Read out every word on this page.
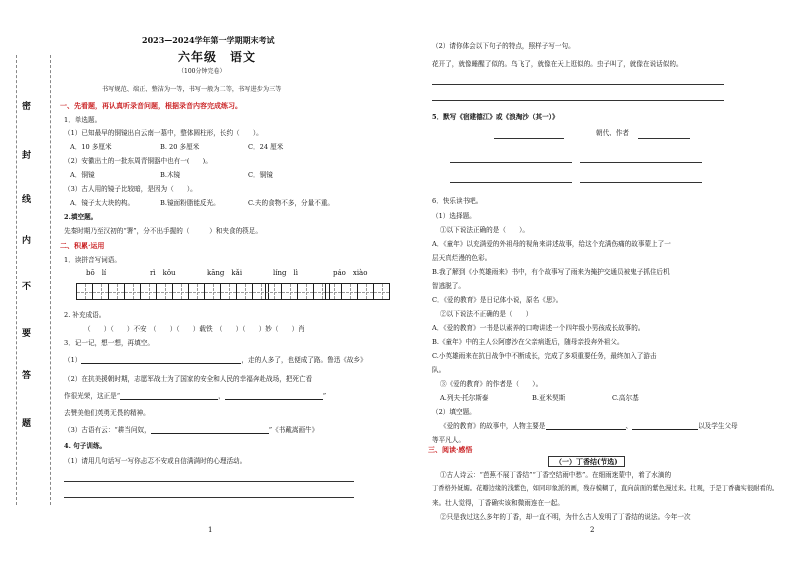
密
封
线
内
不
要
答
题
2023—2024学年第一学期期末考试
六年级　语文
（100分钟完卷）
书写规范、端正、整洁为一等，书写一般为二等，书写进步为三等
一、先看题，再认真听录音问题，根据录音内容完成练习。
1．单选题。
（1）已知最早的铜镜出自云南一墓中，整体圆柱形，长约（　　）。
A．10 多厘米	B. 20 多厘米	C．24 厘米
（2）安徽出土的一批东周青铜器中也有一(　　)。
A．铜镜	B.木镜	C．铜镜
（3）古人用的镜子比较暗，是因为（　　）。
A．镜子太大块的构。	B.镜面粉脂能反光。	C.夫的食物不多，分量不重。
2.填空题。
先秦时期乃至汉初的“署”，分不出手握的（　　　）和夹食的筷足。
二、积累·运用
1．读拼音写词语。
bō　lí	rì　kǒu	kāng　kǎi	líng　lì	páo　xiào
2. 补充成语。
（　　）（　　）不安　（　　）（　　）载铁　（　　）（　　）妙（　　）肖
3．记一记，想一想，再填空。
（1）	，走的人多了，也便成了路。鲁迅《故乡》
（2）在抗美援朝时期，志愿军战士为了国家的安全和人民的幸福奔赴战场，把死亡看
作很光荣，这正是“	，	”
去赞美他们英勇无畏的精神。
（3）古语有云：“耕当问奴，	”《书戴嵩画牛》
4. 句子训练。
（1）请用几句话写一写你忐忑不安或自信满满时的心理活动。
1
（2）请你体会以下句子的特点，照样子写一句。
花开了，就像睡醒了似的。鸟飞了，就像在天上逛似的。虫子叫了，就像在说话似的。
5．默写《宿建德江》或《浪淘沙（其一）》
朝代、作者
6．快乐读书吧。
（1）选择题。
①以下说法正确的是（　　）。
A．《童年》以充满爱的外祖母的视角来讲述故事，给这个充满伤痛的故事蒙上了一
层天真烂漫的色彩。
B.我了解到《小英雄雨来》书中，有个故事写了雨来为掩护交通员被鬼子抓住后机
智逃脱了。
C．《爱的教育》是日记体小说，原名《思》。
②以下说法不正确的是（　　）
A．《爱的教育》一书是以素养的口吻讲述一个四年级小男孩成长故事的。
B.《童年》中的主人公阿廖沙在父亲病逝后，随母亲投奔外祖父。
C.小英雄雨来在抗日战争中不断成长，完成了多项重要任务，最终加入了游击
队。
③《爱的教育》的作者是（　　）。
A.列夫·托尔斯泰	B.亚米契斯	C.高尔基
（2）填空题。
《爱的教育》的故事中，人物主要是	、	以及学生父母
等平凡人。
三、阅读·感悟
（一）丁香结(节选)
①古人诗云：“芭蕉不展丁香结”“丁香空结雨中愁”。在细雨迷蒙中，着了水滴的
丁香格外妩媚。花瓣边缘的浅紫色，如同印象派的画，残存模糊了，直向前面的紫色漫过来。壮观，于是丁香确实很耐看的。
来。壮人觉得，丁香确实该和微雨连在一起。
②只是我过这么多年的丁香，却一直不明，为什么古人发明了丁香结的说法。今年一次
2
